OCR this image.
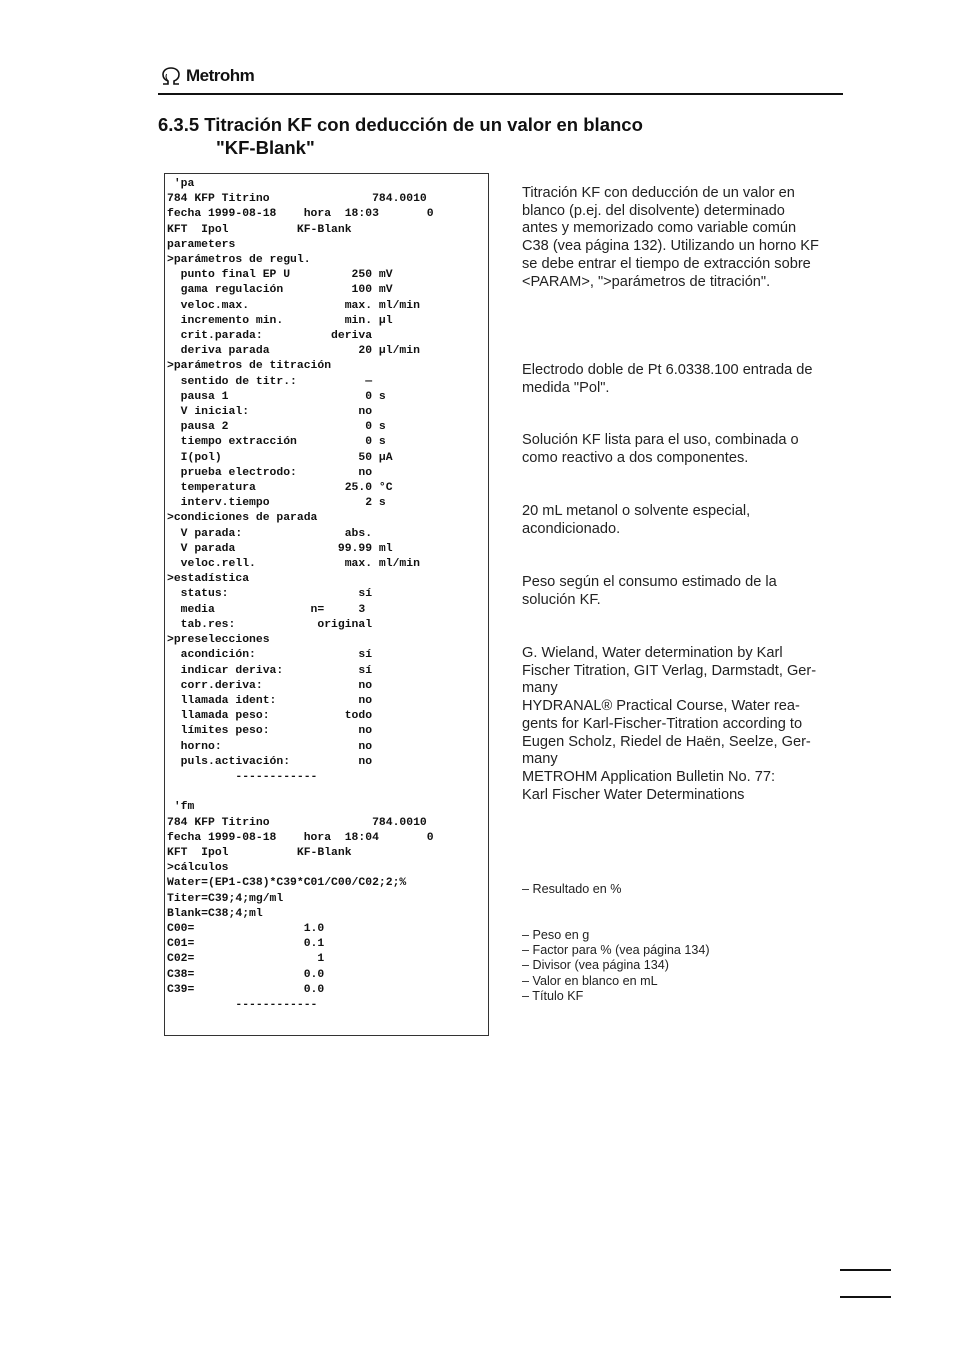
Metrohm
6.3.5 Titración KF con deducción de un valor en blanco
"KF-Blank"
'pa
784 KFP Titrino               784.0010
fecha 1999-08-18    hora  18:03       0
KFT  Ipol          KF-Blank
parameters
>parámetros de regul.
punto final EP U         250 mV
gama regulación          100 mV
veloc.max.              max. ml/min
incremento min.         min. µl
crit.parada:          deriva
deriva parada             20 µl/min
>parámetros de titración
sentido de titr.:          —
pausa 1                    0 s
V inicial:                no
pausa 2                    0 s
tiempo extracción          0 s
I(pol)                    50 µA
prueba electrodo:         no
temperatura             25.0 °C
interv.tiempo              2 s
>condiciones de parada
V parada:               abs.
V parada               99.99 ml
veloc.rell.             max. ml/min
>estadística
status:                   sí
media              n=     3
tab.res:            original
>preselecciones
acondición:               sí
indicar deriva:           sí
corr.deriva:              no
llamada ident:            no
llamada peso:           todo
límites peso:             no
horno:                    no
puls.activación:          no
------------
'fm
784 KFP Titrino               784.0010
fecha 1999-08-18    hora  18:04       0
KFT  Ipol          KF-Blank
>cálculos
Water=(EP1-C38)*C39*C01/C00/C02;2;%
Titer=C39;4;mg/ml
Blank=C38;4;ml
C00=                1.0
C01=                0.1
C02=                  1
C38=                0.0
C39=                0.0
------------

Titración KF con deducción de un valor en
blanco (p.ej. del disolvente) determinado
antes y memorizado como variable común
C38 (vea página 132). Utilizando un horno KF
se debe entrar el tiempo de extracción sobre
<PARAM>, ">parámetros de titración".

Electrodo doble de Pt 6.0338.100 entrada de
medida "Pol".

Solución KF lista para el uso, combinada o
como reactivo a dos componentes.

20 mL metanol o solvente especial,
acondicionado.

Peso según el consumo estimado de la
solución KF.

G. Wieland, Water determination by Karl
Fischer Titration, GIT Verlag, Darmstadt, Ger-
many
HYDRANAL® Practical Course, Water rea-
gents for Karl-Fischer-Titration according to
Eugen Scholz, Riedel de Haën, Seelze, Ger-
many
METROHM Application Bulletin No. 77:
Karl Fischer Water Determinations

– Resultado en %

– Peso en g
– Factor para % (vea página 134)
– Divisor (vea página 134)
– Valor en blanco en mL
– Título KF
